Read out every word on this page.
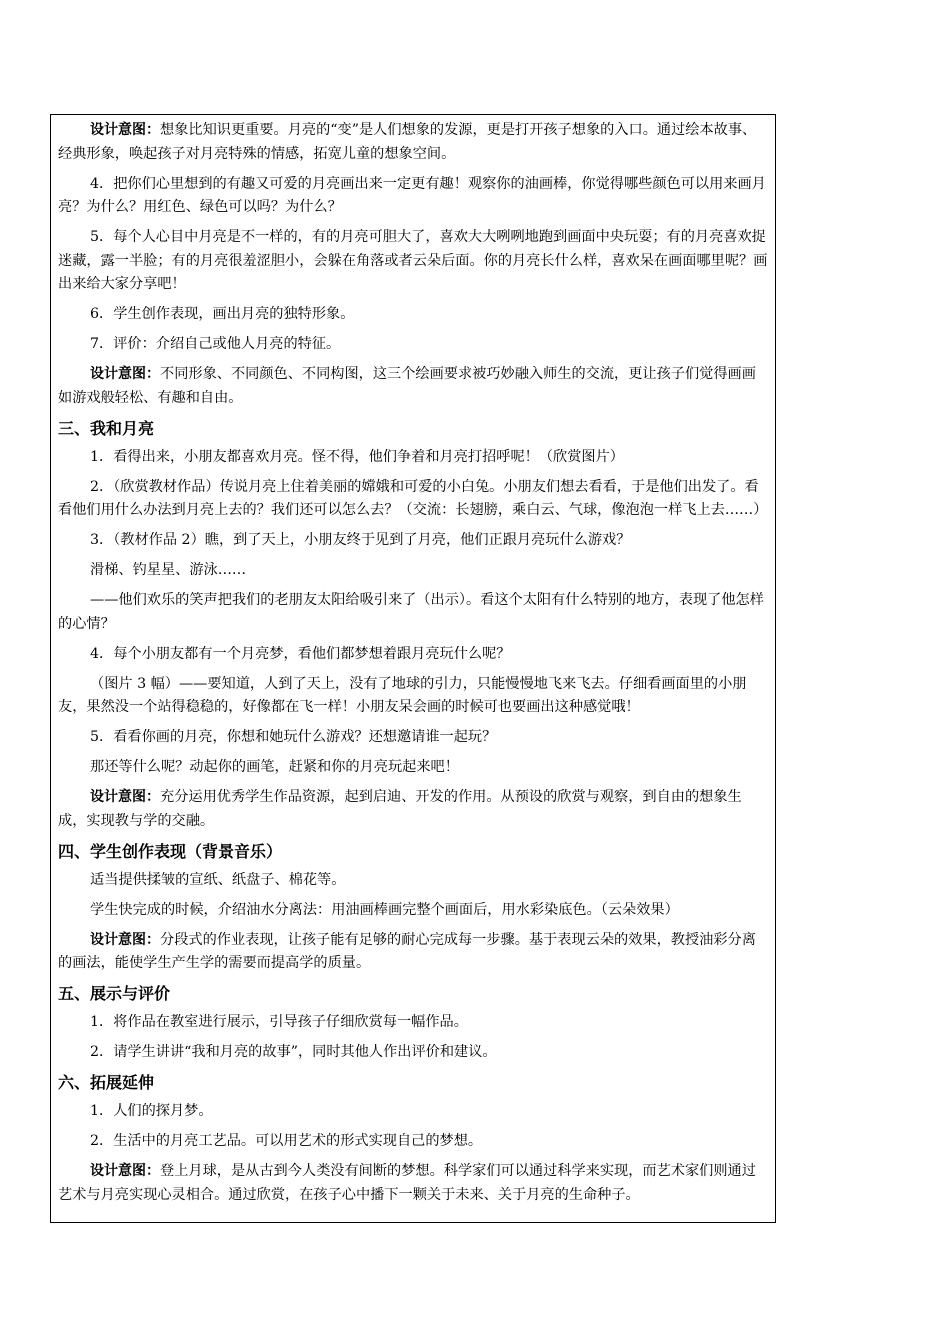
设计意图：想象比知识更重要。月亮的“变”是人们想象的发源，更是打开孩子想象的入口。通过绘本故事、经典形象，唤起孩子对月亮特殊的情感，拓宽儿童的想象空间。
4．把你们心里想到的有趣又可爱的月亮画出来一定更有趣！观察你的油画棒，你觉得哪些颜色可以用来画月亮？为什么？用红色、绿色可以吗？为什么？
5．每个人心目中月亮是不一样的，有的月亮可胆大了，喜欢大大咧咧地跑到画面中央玩耍；有的月亮喜欢捉迷藏，露一半脸；有的月亮很羞涩胆小，会躲在角落或者云朵后面。你的月亮长什么样，喜欢呆在画面哪里呢？画出来给大家分享吧！
6．学生创作表现，画出月亮的独特形象。
7．评价：介绍自己或他人月亮的特征。
设计意图：不同形象、不同颜色、不同构图，这三个绘画要求被巧妙融入师生的交流，更让孩子们觉得画画如游戏般轻松、有趣和自由。
三、我和月亮
1．看得出来，小朋友都喜欢月亮。怪不得，他们争着和月亮打招呼呢！（欣赏图片）
2．（欣赏教材作品）传说月亮上住着美丽的嫦娥和可爱的小白兔。小朋友们想去看看，于是他们出发了。看看他们用什么办法到月亮上去的？我们还可以怎么去？（交流：长翅膀，乘白云、气球，像泡泡一样飞上去……）
3．（教材作品 2）瞧，到了天上，小朋友终于见到了月亮，他们正跟月亮玩什么游戏？
滑梯、钓星星、游泳……
——他们欢乐的笑声把我们的老朋友太阳给吸引来了（出示）。看这个太阳有什么特别的地方，表现了他怎样的心情？
4．每个小朋友都有一个月亮梦，看他们都梦想着跟月亮玩什么呢？
（图片 3 幅）——要知道，人到了天上，没有了地球的引力，只能慢慢地飞来飞去。仔细看画面里的小朋友，果然没一个站得稳稳的，好像都在飞一样！小朋友呆会画的时候可也要画出这种感觉哦！
5．看看你画的月亮，你想和她玩什么游戏？还想邀请谁一起玩？
那还等什么呢？动起你的画笔，赶紧和你的月亮玩起来吧！
设计意图：充分运用优秀学生作品资源，起到启迪、开发的作用。从预设的欣赏与观察，到自由的想象生成，实现教与学的交融。
四、学生创作表现（背景音乐）
适当提供揉皱的宣纸、纸盘子、棉花等。
学生快完成的时候，介绍油水分离法：用油画棒画完整个画面后，用水彩染底色。（云朵效果）
设计意图：分段式的作业表现，让孩子能有足够的耐心完成每一步骤。基于表现云朵的效果，教授油彩分离的画法，能使学生产生学的需要而提高学的质量。
五、展示与评价
1．将作品在教室进行展示，引导孩子仔细欣赏每一幅作品。
2．请学生讲讲“我和月亮的故事”，同时其他人作出评价和建议。
六、拓展延伸
1．人们的探月梦。
2．生活中的月亮工艺品。可以用艺术的形式实现自己的梦想。
设计意图：登上月球，是从古到今人类没有间断的梦想。科学家们可以通过科学来实现，而艺术家们则通过艺术与月亮实现心灵相合。通过欣赏，在孩子心中播下一颗关于未来、关于月亮的生命种子。
